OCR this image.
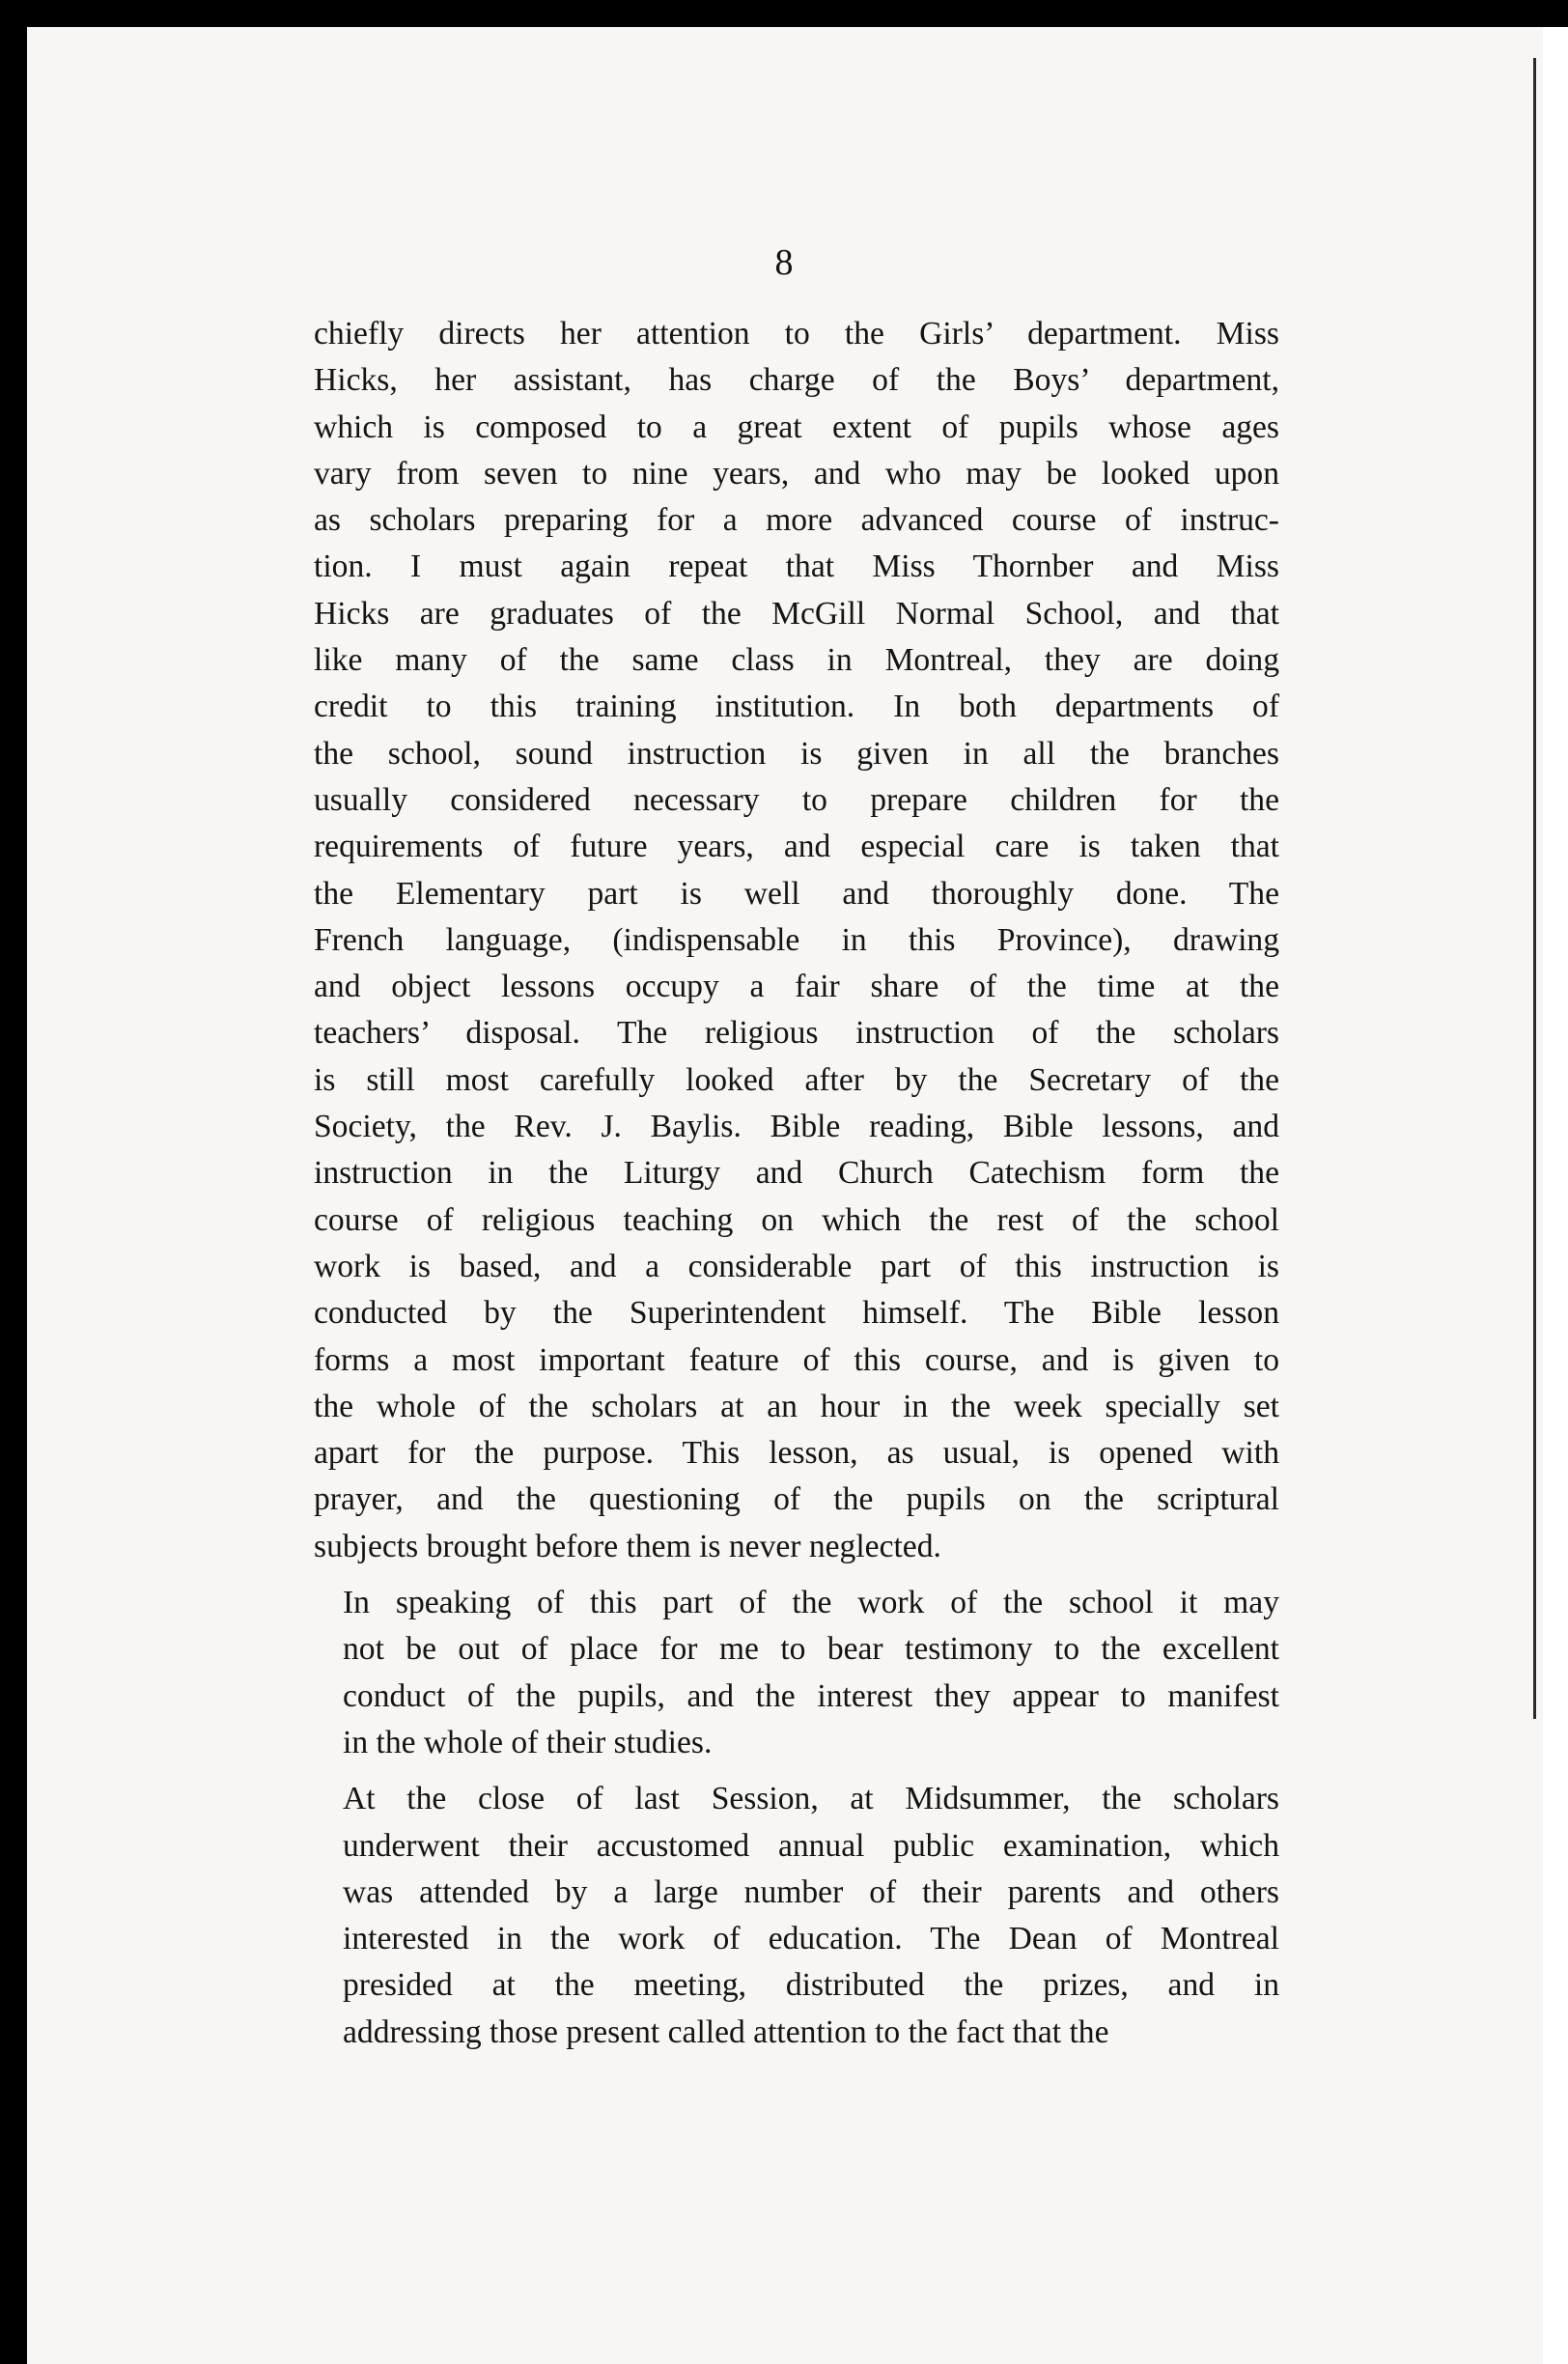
8
chiefly directs her attention to the Girls’ department. Miss
Hicks, her assistant, has charge of the Boys’ department,
which is composed to a great extent of pupils whose ages
vary from seven to nine years, and who may be looked upon
as scholars preparing for a more advanced course of instruc-
tion. I must again repeat that Miss Thornber and Miss
Hicks are graduates of the McGill Normal School, and that
like many of the same class in Montreal, they are doing
credit to this training institution. In both departments of
the school, sound instruction is given in all the branches
usually considered necessary to prepare children for the
requirements of future years, and especial care is taken that
the Elementary part is well and thoroughly done. The
French language, (indispensable in this Province), drawing
and object lessons occupy a fair share of the time at the
teachers’ disposal. The religious instruction of the scholars
is still most carefully looked after by the Secretary of the
Society, the Rev. J. Baylis. Bible reading, Bible lessons, and
instruction in the Liturgy and Church Catechism form the
course of religious teaching on which the rest of the school
work is based, and a considerable part of this instruction is
conducted by the Superintendent himself. The Bible lesson
forms a most important feature of this course, and is given to
the whole of the scholars at an hour in the week specially set
apart for the purpose. This lesson, as usual, is opened with
prayer, and the questioning of the pupils on the scriptural
subjects brought before them is never neglected.
In speaking of this part of the work of the school it may
not be out of place for me to bear testimony to the excellent
conduct of the pupils, and the interest they appear to manifest
in the whole of their studies.
At the close of last Session, at Midsummer, the scholars
underwent their accustomed annual public examination, which
was attended by a large number of their parents and others
interested in the work of education. The Dean of Montreal
presided at the meeting, distributed the prizes, and in
addressing those present called attention to the fact that the
